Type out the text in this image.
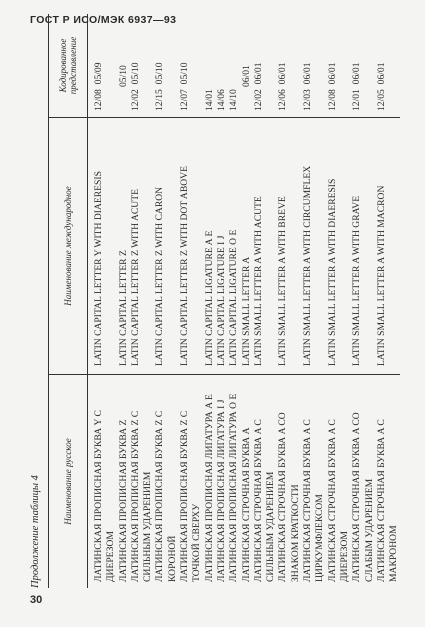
ГОСТ Р ИСО/МЭК 6937—93
Продолжение таблицы 4 Наименование русское	Наименование международное	Кодированное представление
ЛАТИНСКАЯ ПРОПИСНАЯ БУКВА Y С ДИЕРЕЗОМ	LATIN CAPITAL LETTER Y WITH DIAERESIS	12/08  05/09
ЛАТИНСКАЯ ПРОПИСНАЯ БУКВА Z	LATIN CAPITAL LETTER Z	05/10
ЛАТИНСКАЯ ПРОПИСНАЯ БУКВА Z С СИЛЬНЫМ УДАРЕНИЕМ	LATIN CAPITAL LETTER Z WITH ACUTE	12/02  05/10
ЛАТИНСКАЯ ПРОПИСНАЯ БУКВА Z С КОРОНОЙ	LATIN CAPITAL LETTER Z WITH CARON	12/15  05/10
ЛАТИНСКАЯ ПРОПИСНАЯ БУКВА Z С ТОЧКОЙ СВЕРХУ	LATIN CAPITAL LETTER Z WITH DOT ABOVE	12/07  05/10
ЛАТИНСКАЯ ПРОПИСНАЯ ЛИГАТУРА A E	LATIN CAPITAL LIGATURE A E	14/01
ЛАТИНСКАЯ ПРОПИСНАЯ ЛИГАТУРА I J	LATIN CAPITAL LIGATURE I J	14/06
ЛАТИНСКАЯ ПРОПИСНАЯ ЛИГАТУРА O E	LATIN CAPITAL LIGATURE O E	14/10
ЛАТИНСКАЯ СТРОЧНАЯ БУКВА A	LATIN SMALL LETTER A	06/01
ЛАТИНСКАЯ СТРОЧНАЯ БУКВА A С СИЛЬНЫМ УДАРЕНИЕМ	LATIN SMALL LETTER A WITH ACUTE	12/02  06/01
ЛАТИНСКАЯ СТРОЧНАЯ БУКВА A СО ЗНАКОМ КРАТКОСТИ	LATIN SMALL LETTER A WITH BREVE	12/06  06/01
ЛАТИНСКАЯ СТРОЧНАЯ БУКВА A С ЦИРКУМФЛЕКСОМ	LATIN SMALL LETTER A WITH CIRCUMFLEX	12/03  06/01
ЛАТИНСКАЯ СТРОЧНАЯ БУКВА A С ДИЕРЕЗОМ	LATIN SMALL LETTER A WITH DIAERESIS	12/08  06/01
ЛАТИНСКАЯ СТРОЧНАЯ БУКВА A СО СЛАБЫМ УДАРЕНИЕМ	LATIN SMALL LETTER A WITH GRAVE	12/01  06/01
ЛАТИНСКАЯ СТРОЧНАЯ БУКВА A С МАКРОНОМ	LATIN SMALL LETTER A WITH MACRON	12/05  06/01
30
